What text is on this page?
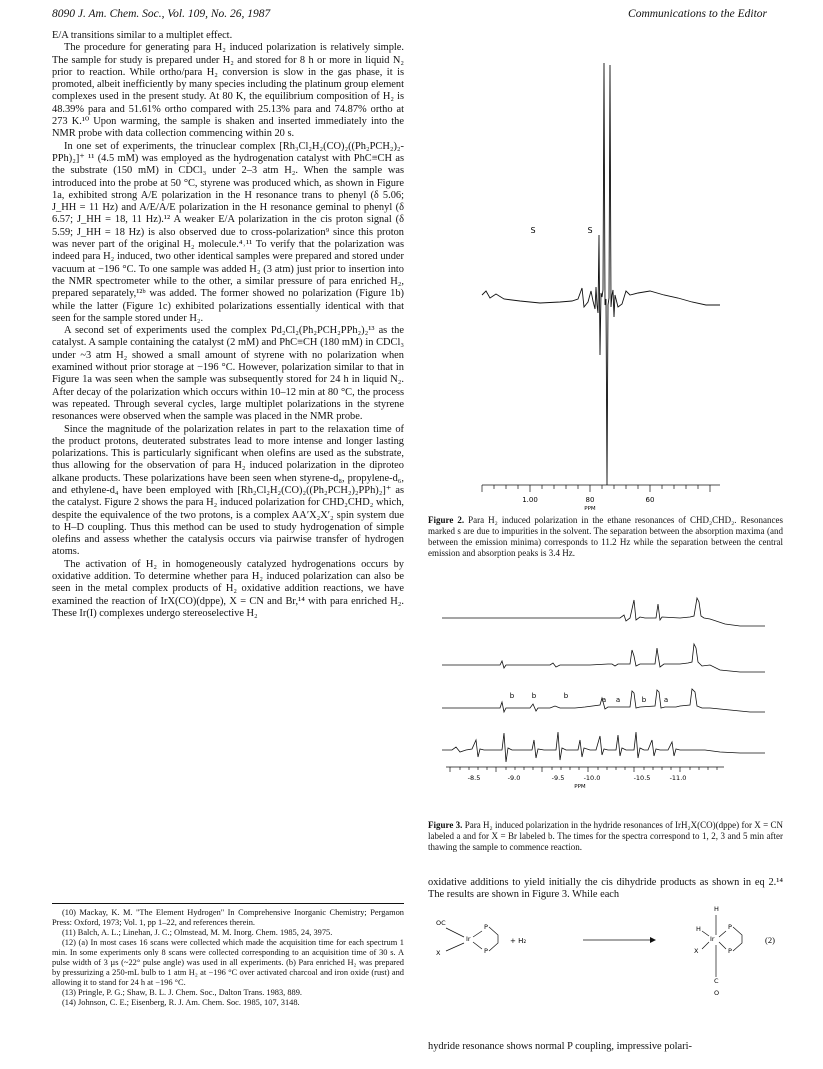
8090 J. Am. Chem. Soc., Vol. 109, No. 26, 1987	Communications to the Editor

E/A transitions similar to a multiplet effect.

The procedure for generating para H₂ induced polarization is relatively simple. The sample for study is prepared under H₂ and stored for 8 h or more in liquid N₂ prior to reaction. While ortho/para H₂ conversion is slow in the gas phase, it is promoted, albeit inefficiently by many species including the platinum group element complexes used in the present study. At 80 K, the equilibrium composition of H₂ is 48.39% para and 51.61% ortho compared with 25.13% para and 74.87% ortho at 273 K.¹⁰ Upon warming, the sample is shaken and inserted immediately into the NMR probe with data collection commencing within 20 s.

In one set of experiments, the trinuclear complex [Rh₃Cl₂H₂(CO)₂((Ph₂PCH₂)₂-PPh)₂]⁺ ¹¹ (4.5 mM) was employed as the hydrogenation catalyst with PhC≡CH as the substrate (150 mM) in CDCl₃ under 2–3 atm H₂. When the sample was introduced into the probe at 50 °C, styrene was produced which, as shown in Figure 1a, exhibited strong A/E polarization in the H resonance trans to phenyl (δ 5.06; J_HH = 11 Hz) and A/E/A/E polarization in the H resonance geminal to phenyl (δ 6.57; J_HH = 18, 11 Hz).¹² A weaker E/A polarization in the cis proton signal (δ 5.59; J_HH = 18 Hz) is also observed due to cross-polarization⁹ since this proton was never part of the original H₂ molecule.⁴˒¹¹ To verify that the polarization was indeed para H₂ induced, two other identical samples were prepared and stored under vacuum at −196 °C. To one sample was added H₂ (3 atm) just prior to insertion into the NMR spectrometer while to the other, a similar pressure of para enriched H₂, prepared separately,¹²ᵇ was added. The former showed no polarization (Figure 1b) while the latter (Figure 1c) exhibited polarizations essentially identical with that seen for the sample stored under H₂.

A second set of experiments used the complex Pd₂Cl₂(Ph₂PCH₂PPh₂)₂¹³ as the catalyst. A sample containing the catalyst (2 mM) and PhC≡CH (180 mM) in CDCl₃ under ~3 atm H₂ showed a small amount of styrene with no polarization when examined without prior storage at −196 °C. However, polarization similar to that in Figure 1a was seen when the sample was subsequently stored for 24 h in liquid N₂. After decay of the polarization which occurs within 10–12 min at 80 °C, the process was repeated. Through several cycles, large multiplet polarizations in the styrene resonances were observed when the sample was placed in the NMR probe.

Since the magnitude of the polarization relates in part to the relaxation time of the product protons, deuterated substrates lead to more intense and longer lasting polarizations. This is particularly significant when olefins are used as the substrate, thus allowing for the observation of para H₂ induced polarization in the diproteo alkane products. These polarizations have been seen when styrene-d₈, propylene-d₆, and ethylene-d₄ have been employed with [Rh₂Cl₂H₂(CO)₂((Ph₂PCH₂)₂PPh)₂]⁺ as the catalyst. Figure 2 shows the para H₂ induced polarization for CHD₂CHD₂ which, despite the equivalence of the two protons, is a complex AA′X₂X′₂ spin system due to H–D coupling. Thus this method can be used to study hydrogenation of simple olefins and assess whether the catalysis occurs via pairwise transfer of hydrogen atoms.

The activation of H₂ in homogeneously catalyzed hydrogenations occurs by oxidative addition. To determine whether para H₂ induced polarization can also be seen in the metal complex products of H₂ oxidative addition reactions, we have examined the reaction of IrX(CO)(dppe), X = CN and Br,¹⁴ with para enriched H₂. These Ir(I) complexes undergo stereoselective H₂

(10) Mackay, K. M. "The Element Hydrogen" In Comprehensive Inorganic Chemistry; Pergamon Press: Oxford, 1973; Vol. 1, pp 1–22, and references therein.

(11) Balch, A. L.; Linehan, J. C.; Olmstead, M. M. Inorg. Chem. 1985, 24, 3975.

(12) (a) In most cases 16 scans were collected which made the acquisition time for each spectrum 1 min. In some experiments only 8 scans were collected corresponding to an acquisition time of 30 s. A pulse width of 3 µs (~22° pulse angle) was used in all experiments. (b) Para enriched H₂ was prepared by pressurizing a 250-mL bulb to 1 atm H₂ at −196 °C over activated charcoal and iron oxide (rust) and allowing it to stand for 24 h at −196 °C.

(13) Pringle, P. G.; Shaw, B. L. J. Chem. Soc., Dalton Trans. 1983, 889.

(14) Johnson, C. E.; Eisenberg, R. J. Am. Chem. Soc. 1985, 107, 3148.

S	S
1.00	80	60
PPM
Figure 2. Para H₂ induced polarization in the ethane resonances of CHD₂CHD₂. Resonances marked s are due to impurities in the solvent. The separation between the absorption maxima (and between the emission minima) corresponds to 11.2 Hz while the separation between the central emission and absorption peaks is 3.4 Hz.
b	b	b	a a	b	a
-8.5	-9.0	-9.5	-10.0	-10.5	-11.0
PPM
Figure 3. Para H₂ induced polarization in the hydride resonances of IrH₂X(CO)(dppe) for X = CN labeled a and for X = Br labeled b. The times for the spectra correspond to 1, 2, 3 and 5 min after thawing the sample to commence reaction.
oxidative additions to yield initially the cis dihydride products as shown in eq 2.¹⁴ The results are shown in Figure 3. While each
OC
Ir
P
P
X
+ H₂
H
H
Ir
P
P
X
C
O
(2)
hydride resonance shows normal P coupling, impressive polari-
